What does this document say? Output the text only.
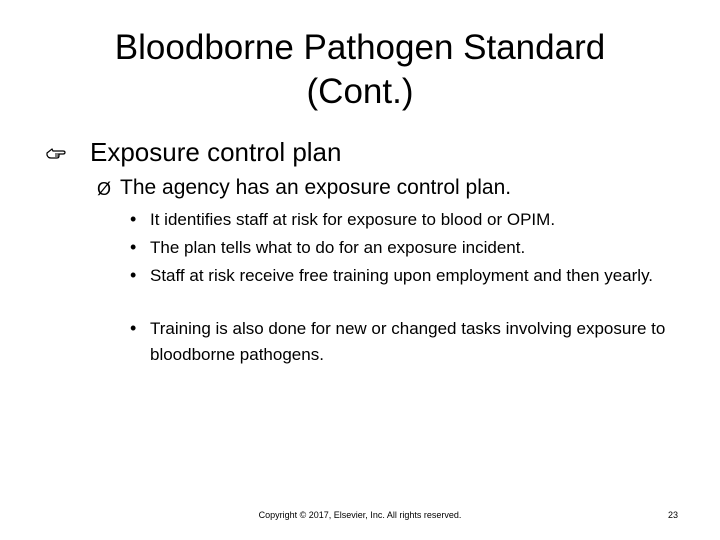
Bloodborne Pathogen Standard
(Cont.)
Exposure control plan
Ø The agency has an exposure control plan.
• It identifies staff at risk for exposure to blood or OPIM.
• The plan tells what to do for an exposure incident.
• Staff at risk receive free training upon employment and then yearly.
• Training is also done for new or changed tasks involving exposure to bloodborne pathogens.
Copyright © 2017, Elsevier, Inc. All rights reserved.	23
